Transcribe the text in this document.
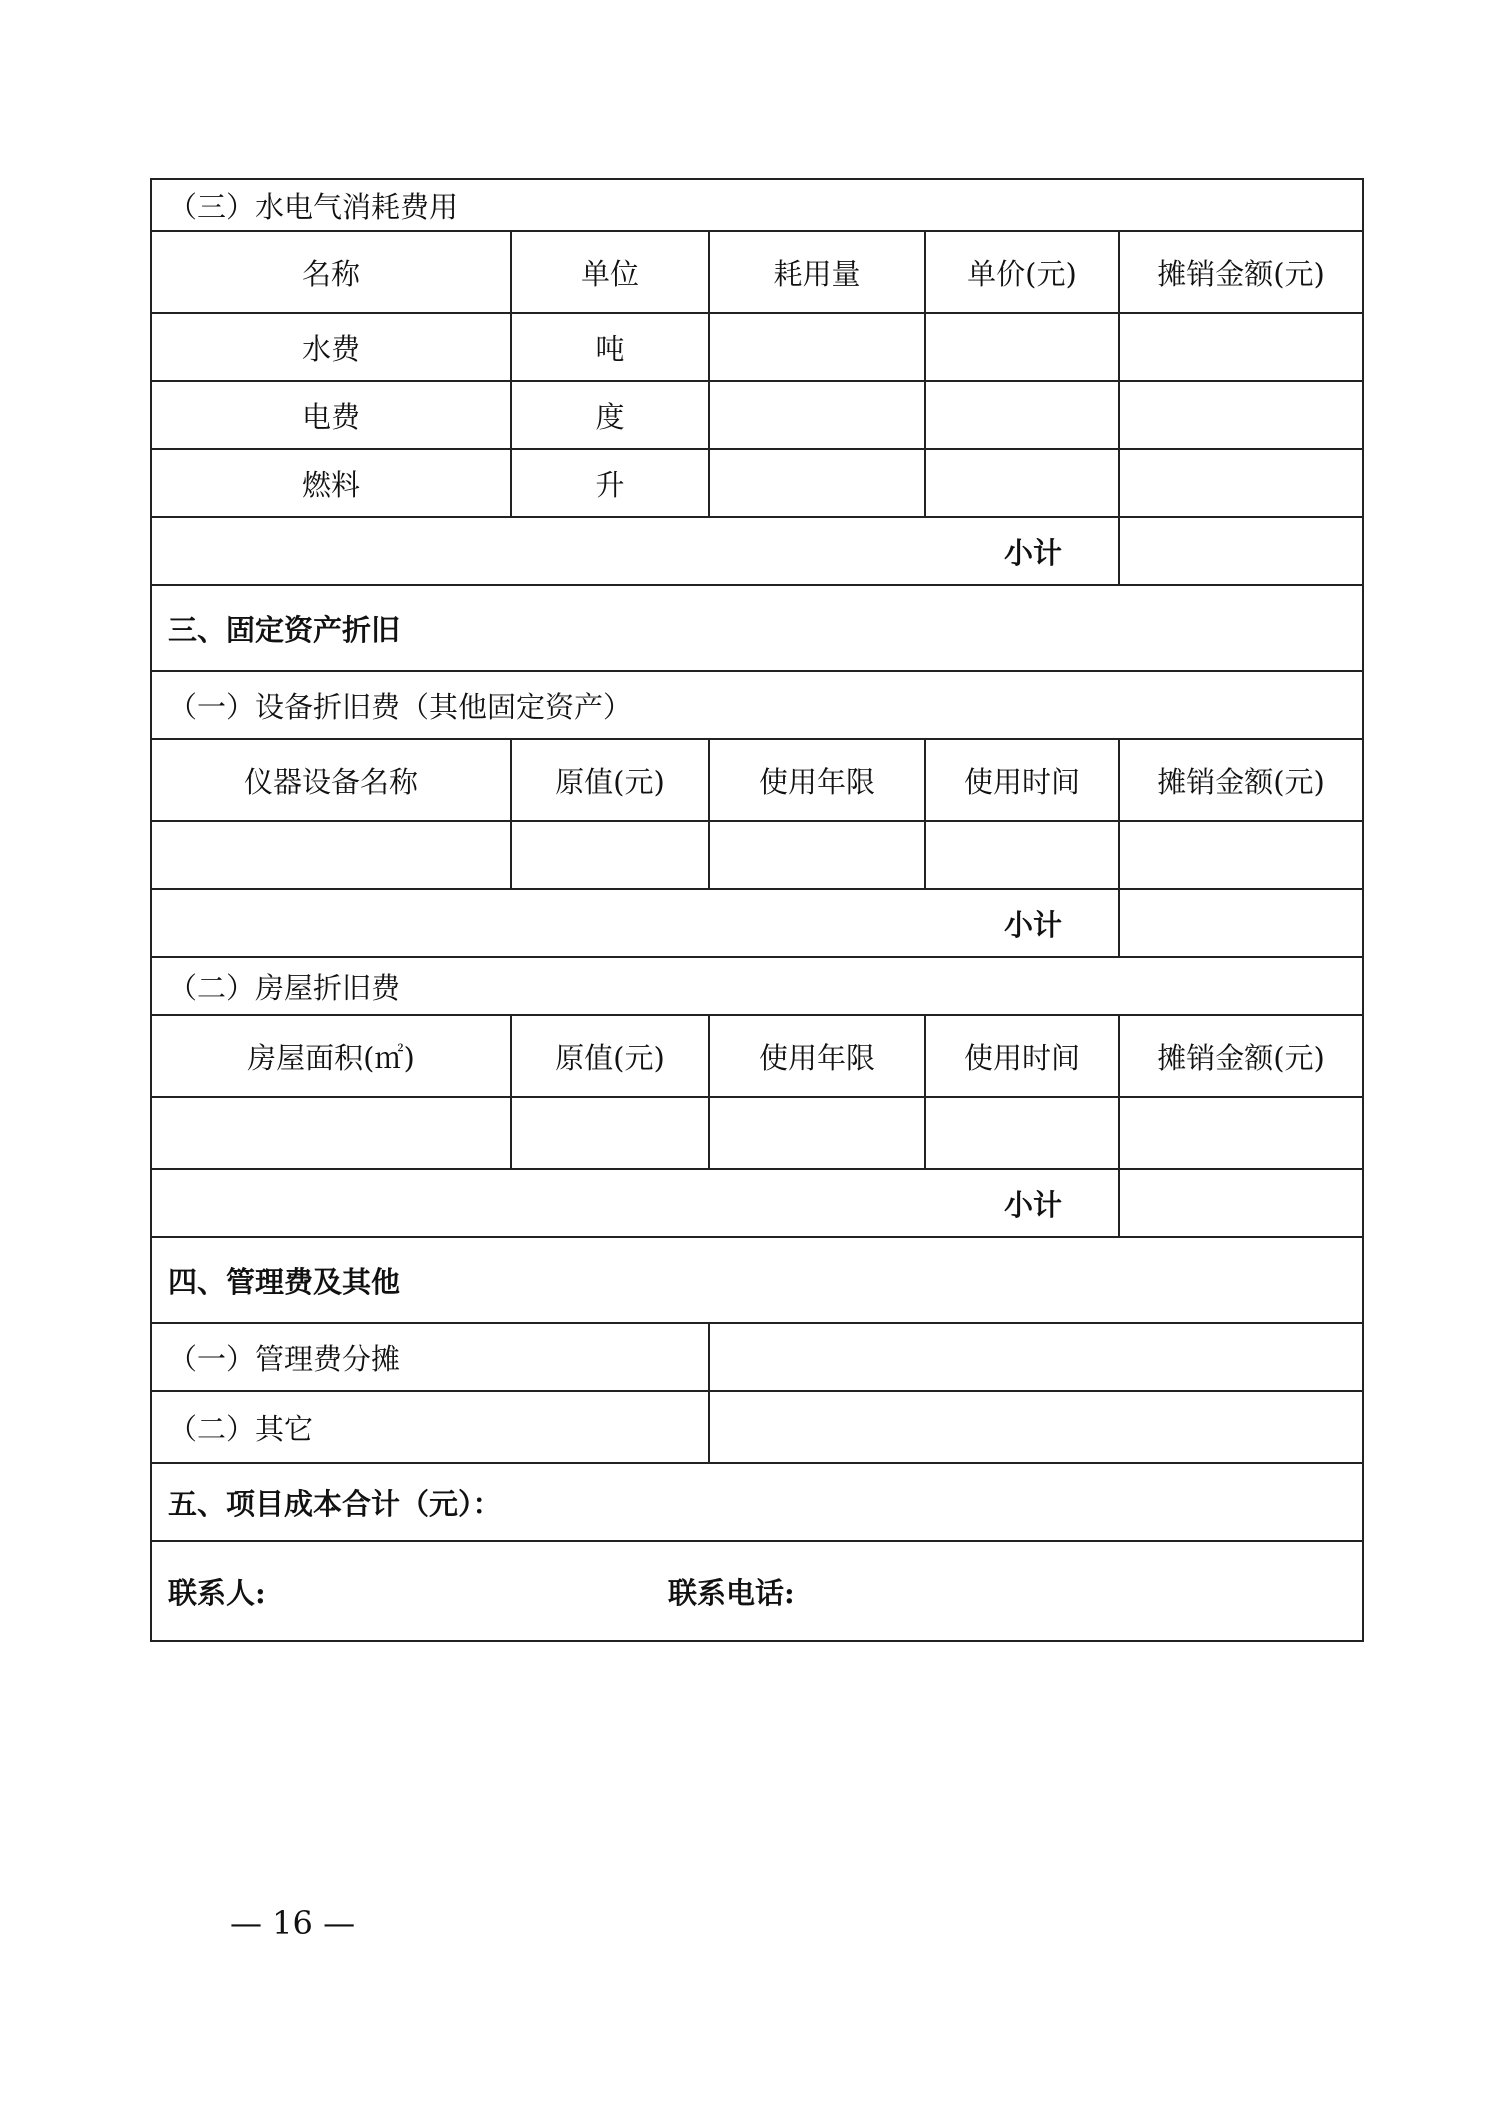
（三）水电气消耗费用				
名称	单位	耗用量	单价(元)	摊销金额(元)
水费	吨			
电费	度			
燃料	升			
小计				
三、固定资产折旧				
（一）设备折旧费（其他固定资产）				
仪器设备名称	原值(元)	使用年限	使用时间	摊销金额(元)

小计				
（二）房屋折旧费				
房屋面积(㎡)	原值(元)	使用年限	使用时间	摊销金额(元)

小计				
四、管理费及其他				
（一）管理费分摊				
（二）其它				
五、项目成本合计（元）：				

联系人: 联系电话:				
— 16 —
